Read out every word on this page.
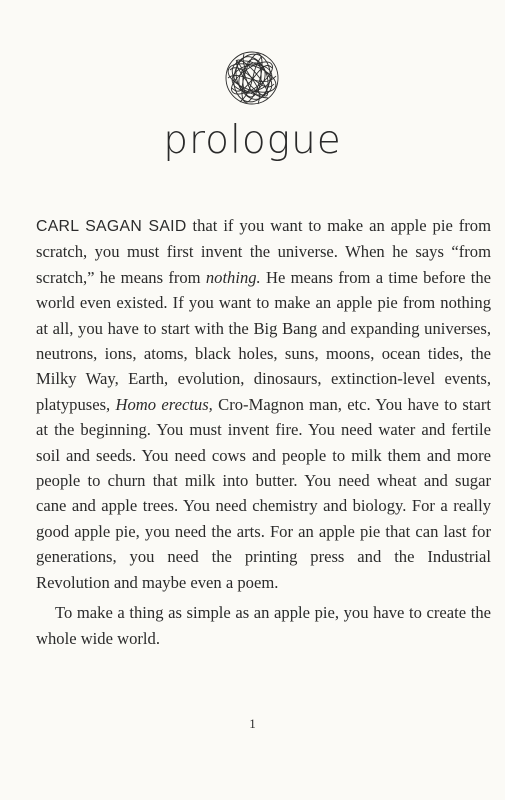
prologue

CARL SAGAN SAID that if you want to make an apple pie from scratch, you must first invent the universe. When he says “from scratch,” he means from nothing. He means from a time before the world even existed. If you want to make an apple pie from nothing at all, you have to start with the Big Bang and expanding universes, neutrons, ions, atoms, black holes, suns, moons, ocean tides, the Milky Way, Earth, evolution, dinosaurs, extinction-level events, platypuses, Homo erectus, Cro-Magnon man, etc. You have to start at the beginning. You must invent fire. You need water and fertile soil and seeds. You need cows and people to milk them and more people to churn that milk into butter. You need wheat and sugar cane and apple trees. You need chemistry and biology. For a really good apple pie, you need the arts. For an apple pie that can last for generations, you need the printing press and the Industrial Revolution and maybe even a poem.

To make a thing as simple as an apple pie, you have to create the whole wide world.

1
